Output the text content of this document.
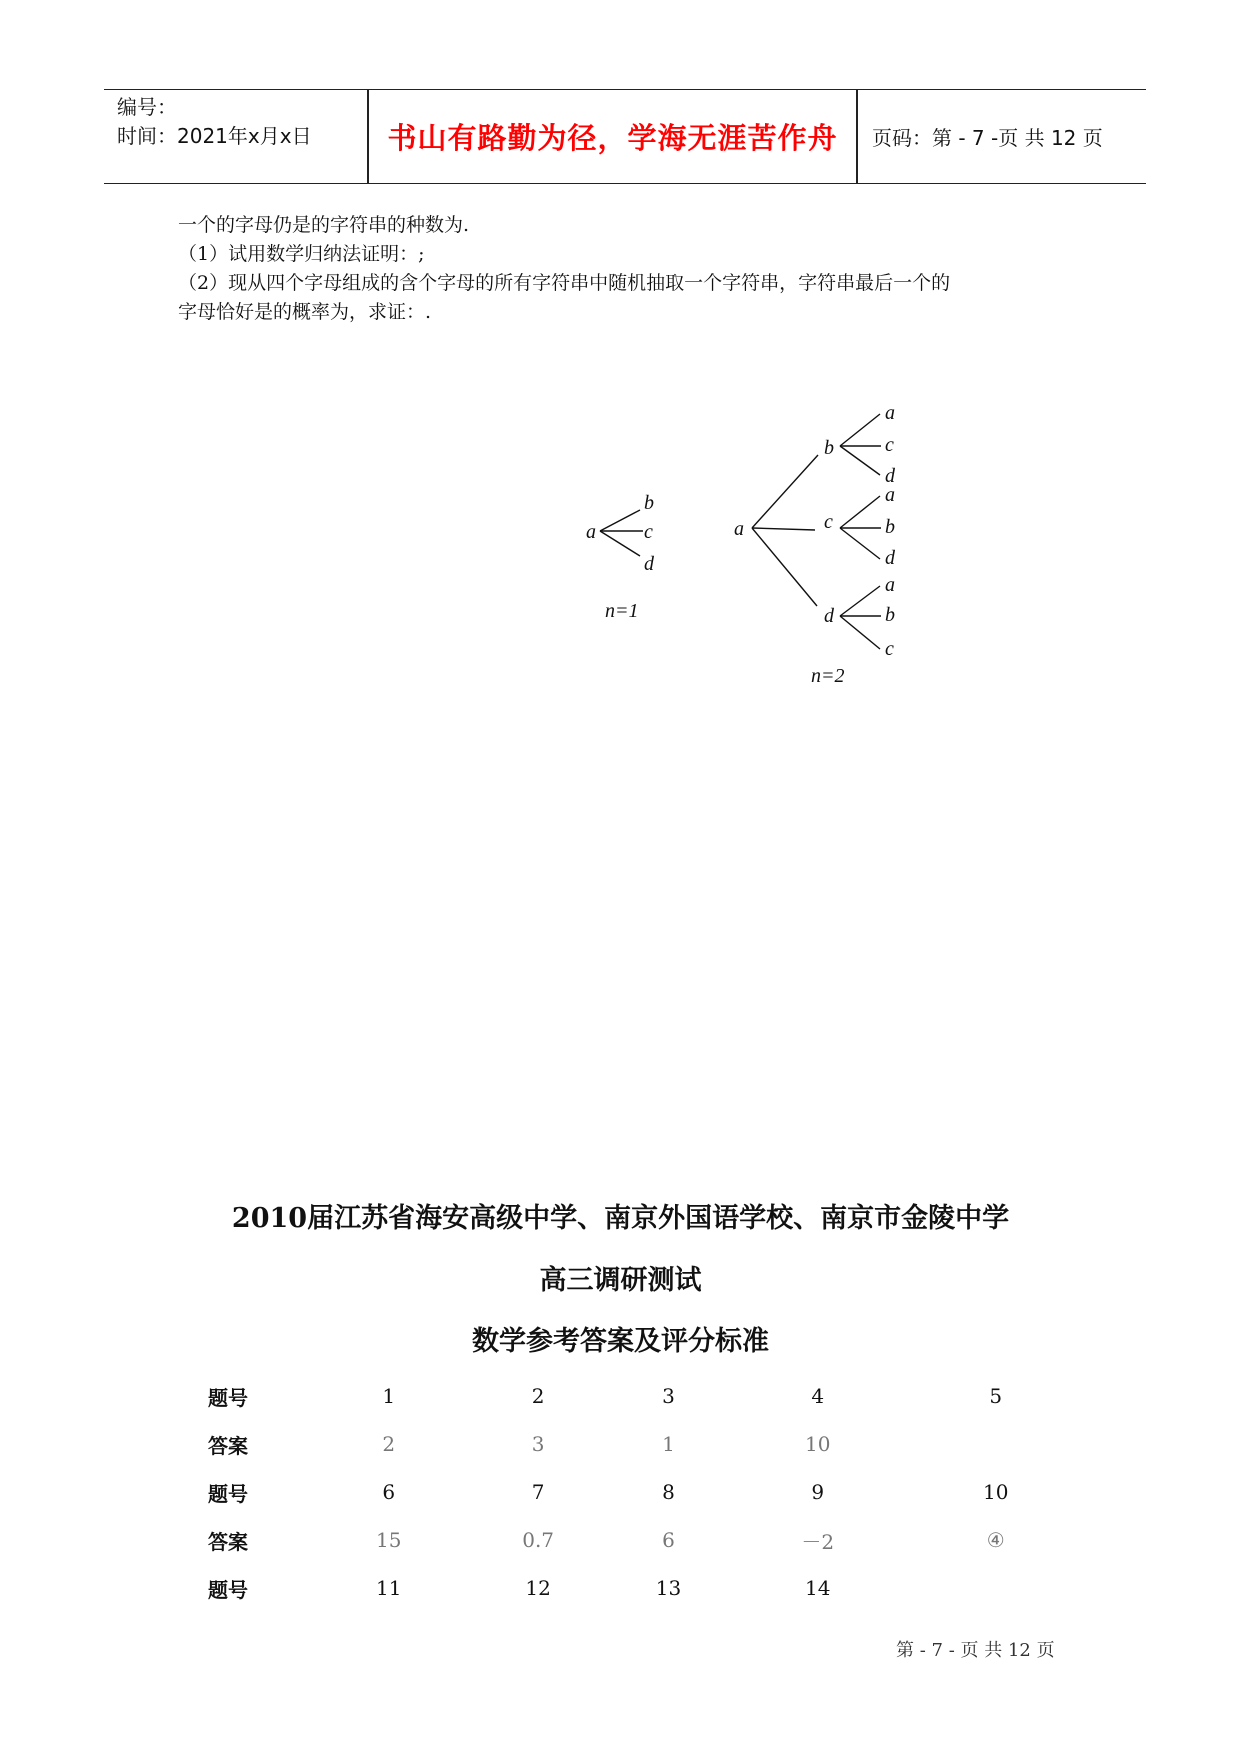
编号：
时间：2021年x月x日	书山有路勤为径，学海无涯苦作舟	页码：第 - 7 -页 共 12 页
一个的字母仍是的字符串的种数为.
（1）试用数学归纳法证明：;
（2）现从四个字母组成的含个字母的所有字符串中随机抽取一个字符串，字符串最后一个的
字母恰好是的概率为，求证：.
a
b
c
d
n=1
a
b
c
d
a
c
d
a
b
d
a
b
c
n=2
2010届江苏省海安高级中学、南京外国语学校、南京市金陵中学
高三调研测试
数学参考答案及评分标准
题号	1	2	3	4	5
答案	2	3	1	10	
题号	6	7	8	9	10
答案	15	0.7	6	－2	④
题号	11	12	13	14	
第 - 7 - 页 共 12 页
